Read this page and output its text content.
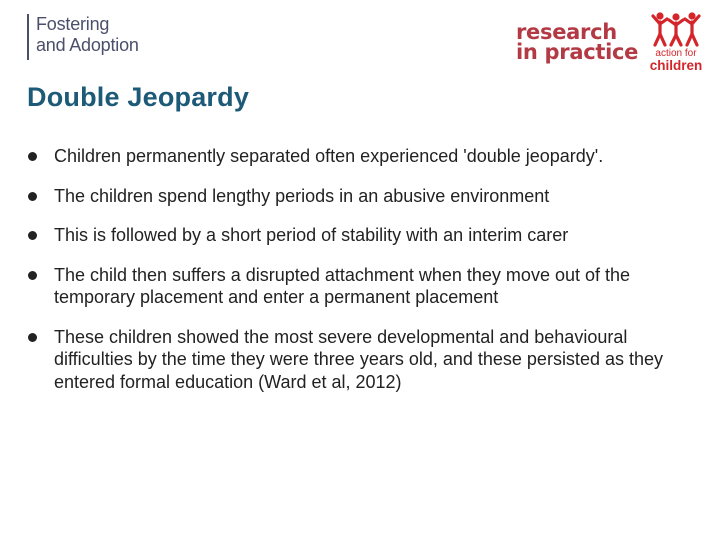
Fostering
and Adoption
research
in practice	action for
children
Double Jeopardy
Children permanently separated often experienced 'double jeopardy'.
The children spend lengthy periods in an abusive environment
This is followed by a short period of stability with an interim carer
The child then suffers a disrupted attachment when they move out of the temporary placement and enter a permanent placement
These children showed the most severe developmental and behavioural difficulties by the time they were three years old, and these persisted as they entered formal education (Ward et al, 2012)
